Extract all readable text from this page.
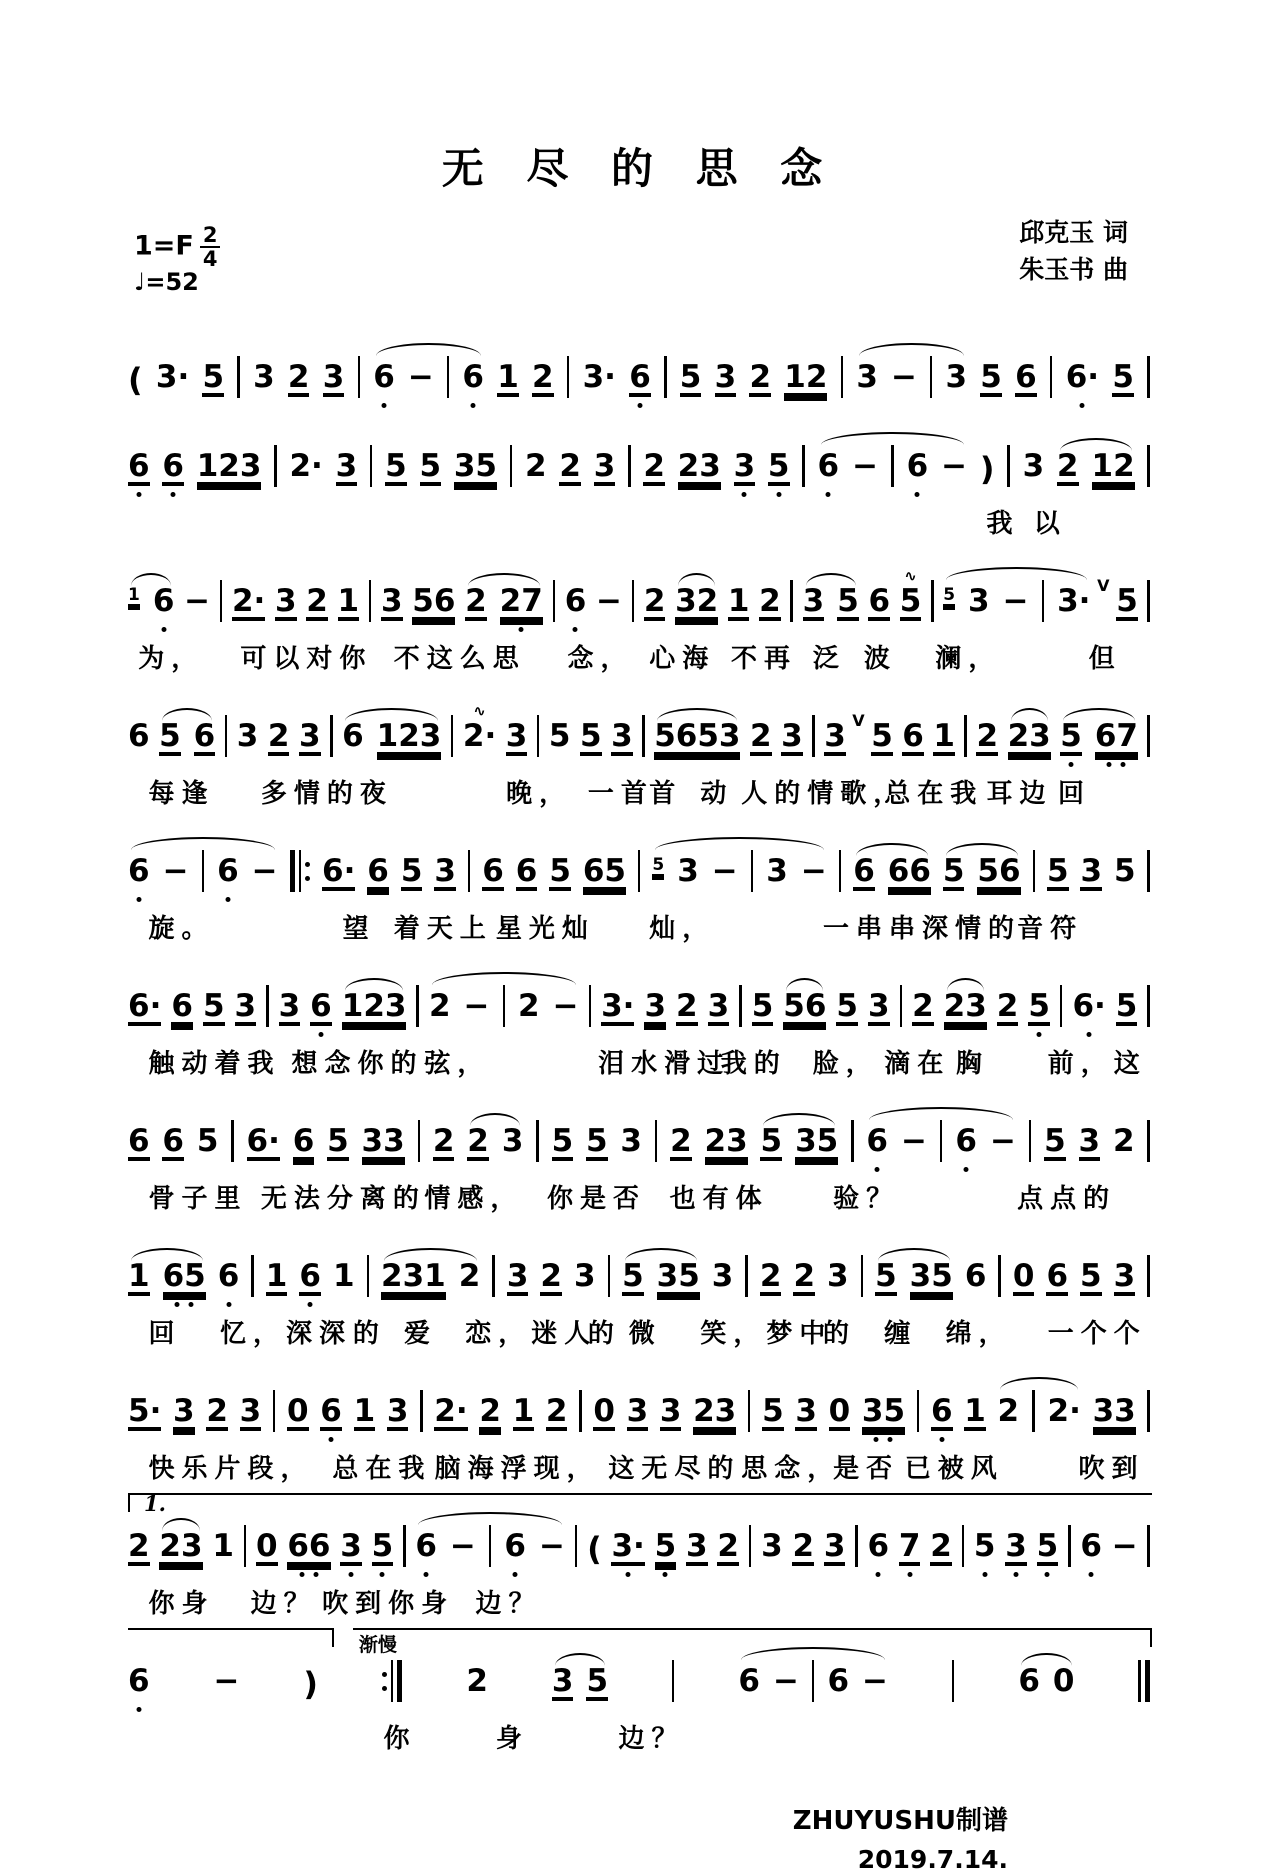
无 尽 的 思 念
$1=F \frac{2}{4}$
♩=52
邱克玉 词
朱玉书 曲
( 3· 5 3 2 3 6 − 6 1 2 3· 6 5 3 2 12 3 − 3 5 6 6· 5
6 6 123 2· 3 5 5 35 2 2 3 2 23 3 5 6 − 6 − ) 3 2 12
我 以
1 6 − 2· 3 2 1 3 56 2 27 6 − 2 32 1 2 3 5 6 5
∿
5 3 − 3· V 5
为， 可以对你 不这么思 念， 心海 不再 泛 波 澜，	但
6 5 6 3 2 3 6 123 2·
∿
3 5 5 3 5653 2 3 3 V 5 6 1 2 23 5 67
每逢 多情的夜	晚， 一首
首 动 人的情歌，
总在我 耳边 回
6 − 6 − 6· 6 5 3 6 6 5 65 5 3 − 3 − 6 66 5 56 5 3 5
旋。	望 着天上 星光灿 灿，	一串串深情的
音符
6· 6 5 3 3 6 123 2 − 2 − 3· 3 2 3 5 56 5 3 2 23 2 5 6· 5
触动着我 想念你的 弦，	泪水滑过
我的 脸， 滴在 胸 前，这
6 6 5 6· 6 5 33 2 2 3 5 5 3 2 23 5 35 6 − 6 − 5 3 2
骨子里 无法分离的
情感， 你是否 也有体 验？	点点的
1 65 6 1 6 1 231 2 3 2 3 5 35 3 2 2 3 5 35 6 0 6 5 3
回 忆，深深 的 爱 恋，迷人
的 微 笑，梦中
的 缠 绵， 一个个
5· 3 2 3 0 6 1 3 2· 2 1 2 0 3 3 23 5 3 0 35 6 1 2 2· 33
快乐片段， 总在我 脑海浮现， 这无尽的 思念，
是否 已被风	吹到
1.
2 23 1 0 66 3 5 6 − 6 − ( 3· 5 3 2 3 2 3 6 7 2 5 3 5 6 −
你身 边？ 吹到你身 边？
渐慢
6 − )	2 3 5	6 − 6 −	6 0
你	身	边？
ZHUYUSHU制谱
2019.7.14.
